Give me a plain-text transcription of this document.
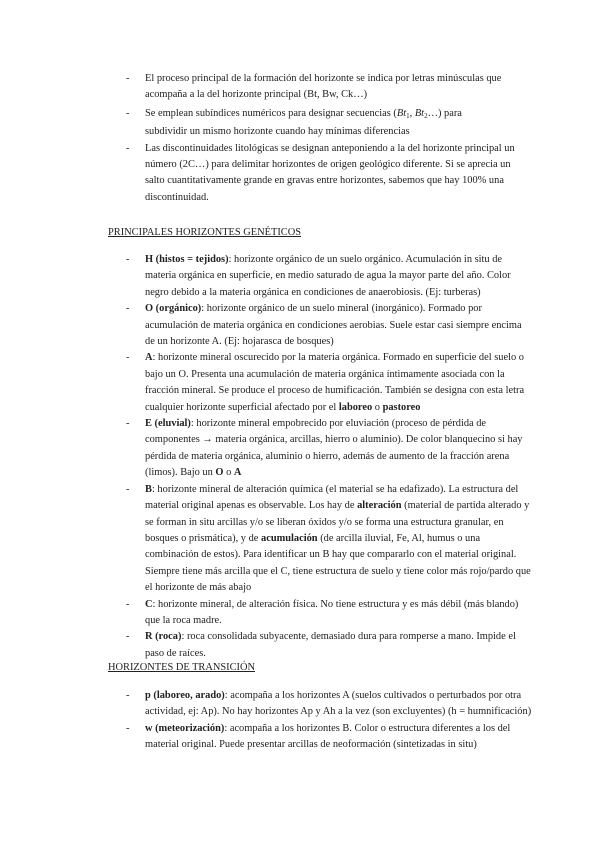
- El proceso principal de la formación del horizonte se indica por letras minúsculas que acompaña a la del horizonte principal (Bt, Bw, Ck…)
- Se emplean subíndices numéricos para designar secuencias ($Bt_1$, $Bt_2\dots$) para
subdividir un mismo horizonte cuando hay mínimas diferencias
- Las discontinuidades litológicas se designan anteponiendo a la del horizonte principal un número (2C…) para delimitar horizontes de origen geológico diferente. Si se aprecia un salto cuantitativamente grande en gravas entre horizontes, sabemos que hay 100% una discontinuidad.
PRINCIPALES HORIZONTES GENÉTICOS
- H (histos = tejidos): horizonte orgánico de un suelo orgánico. Acumulación in situ de materia orgánica en superficie, en medio saturado de agua la mayor parte del año. Color negro debido a la materia orgánica en condiciones de anaerobiosis. (Ej: turberas)
- O (orgánico): horizonte orgánico de un suelo mineral (inorgánico). Formado por acumulación de materia orgánica en condiciones aerobias. Suele estar casi siempre encima de un horizonte A. (Ej: hojarasca de bosques)
- A: horizonte mineral oscurecido por la materia orgánica. Formado en superficie del suelo o bajo un O. Presenta una acumulación de materia orgánica íntimamente asociada con la fracción mineral. Se produce el proceso de humificación. También se designa con esta letra cualquier horizonte superficial afectado por el laboreo o pastoreo
- E (eluvial): horizonte mineral empobrecido por eluviación (proceso de pérdida de componentes → materia orgánica, arcillas, hierro o aluminio). De color blanquecino si hay pérdida de materia orgánica, aluminio o hierro, además de aumento de la fracción arena (limos). Bajo un O o A
- B: horizonte mineral de alteración química (el material se ha edafizado). La estructura del material original apenas es observable. Los hay de alteración (material de partida alterado y se forman in situ arcillas y/o se liberan óxidos y/o se forma una estructura granular, en bosques o prismática), y de acumulación (de arcilla iluvial, Fe, Al, humus o una combinación de estos). Para identificar un B hay que compararlo con el material original. Siempre tiene más arcilla que el C, tiene estructura de suelo y tiene color más rojo/pardo que el horizonte de más abajo
- C: horizonte mineral, de alteración física. No tiene estructura y es más débil (más blando) que la roca madre.
- R (roca): roca consolidada subyacente, demasiado dura para romperse a mano. Impide el paso de raíces.
HORIZONTES DE TRANSICIÓN
- p (laboreo, arado): acompaña a los horizontes A (suelos cultivados o perturbados por otra actividad, ej: Ap). No hay horizontes Ap y Ah a la vez (son excluyentes) (h = humnificación)
- w (meteorización): acompaña a los horizontes B. Color o estructura diferentes a los del material original. Puede presentar arcillas de neoformación (sintetizadas in situ)
